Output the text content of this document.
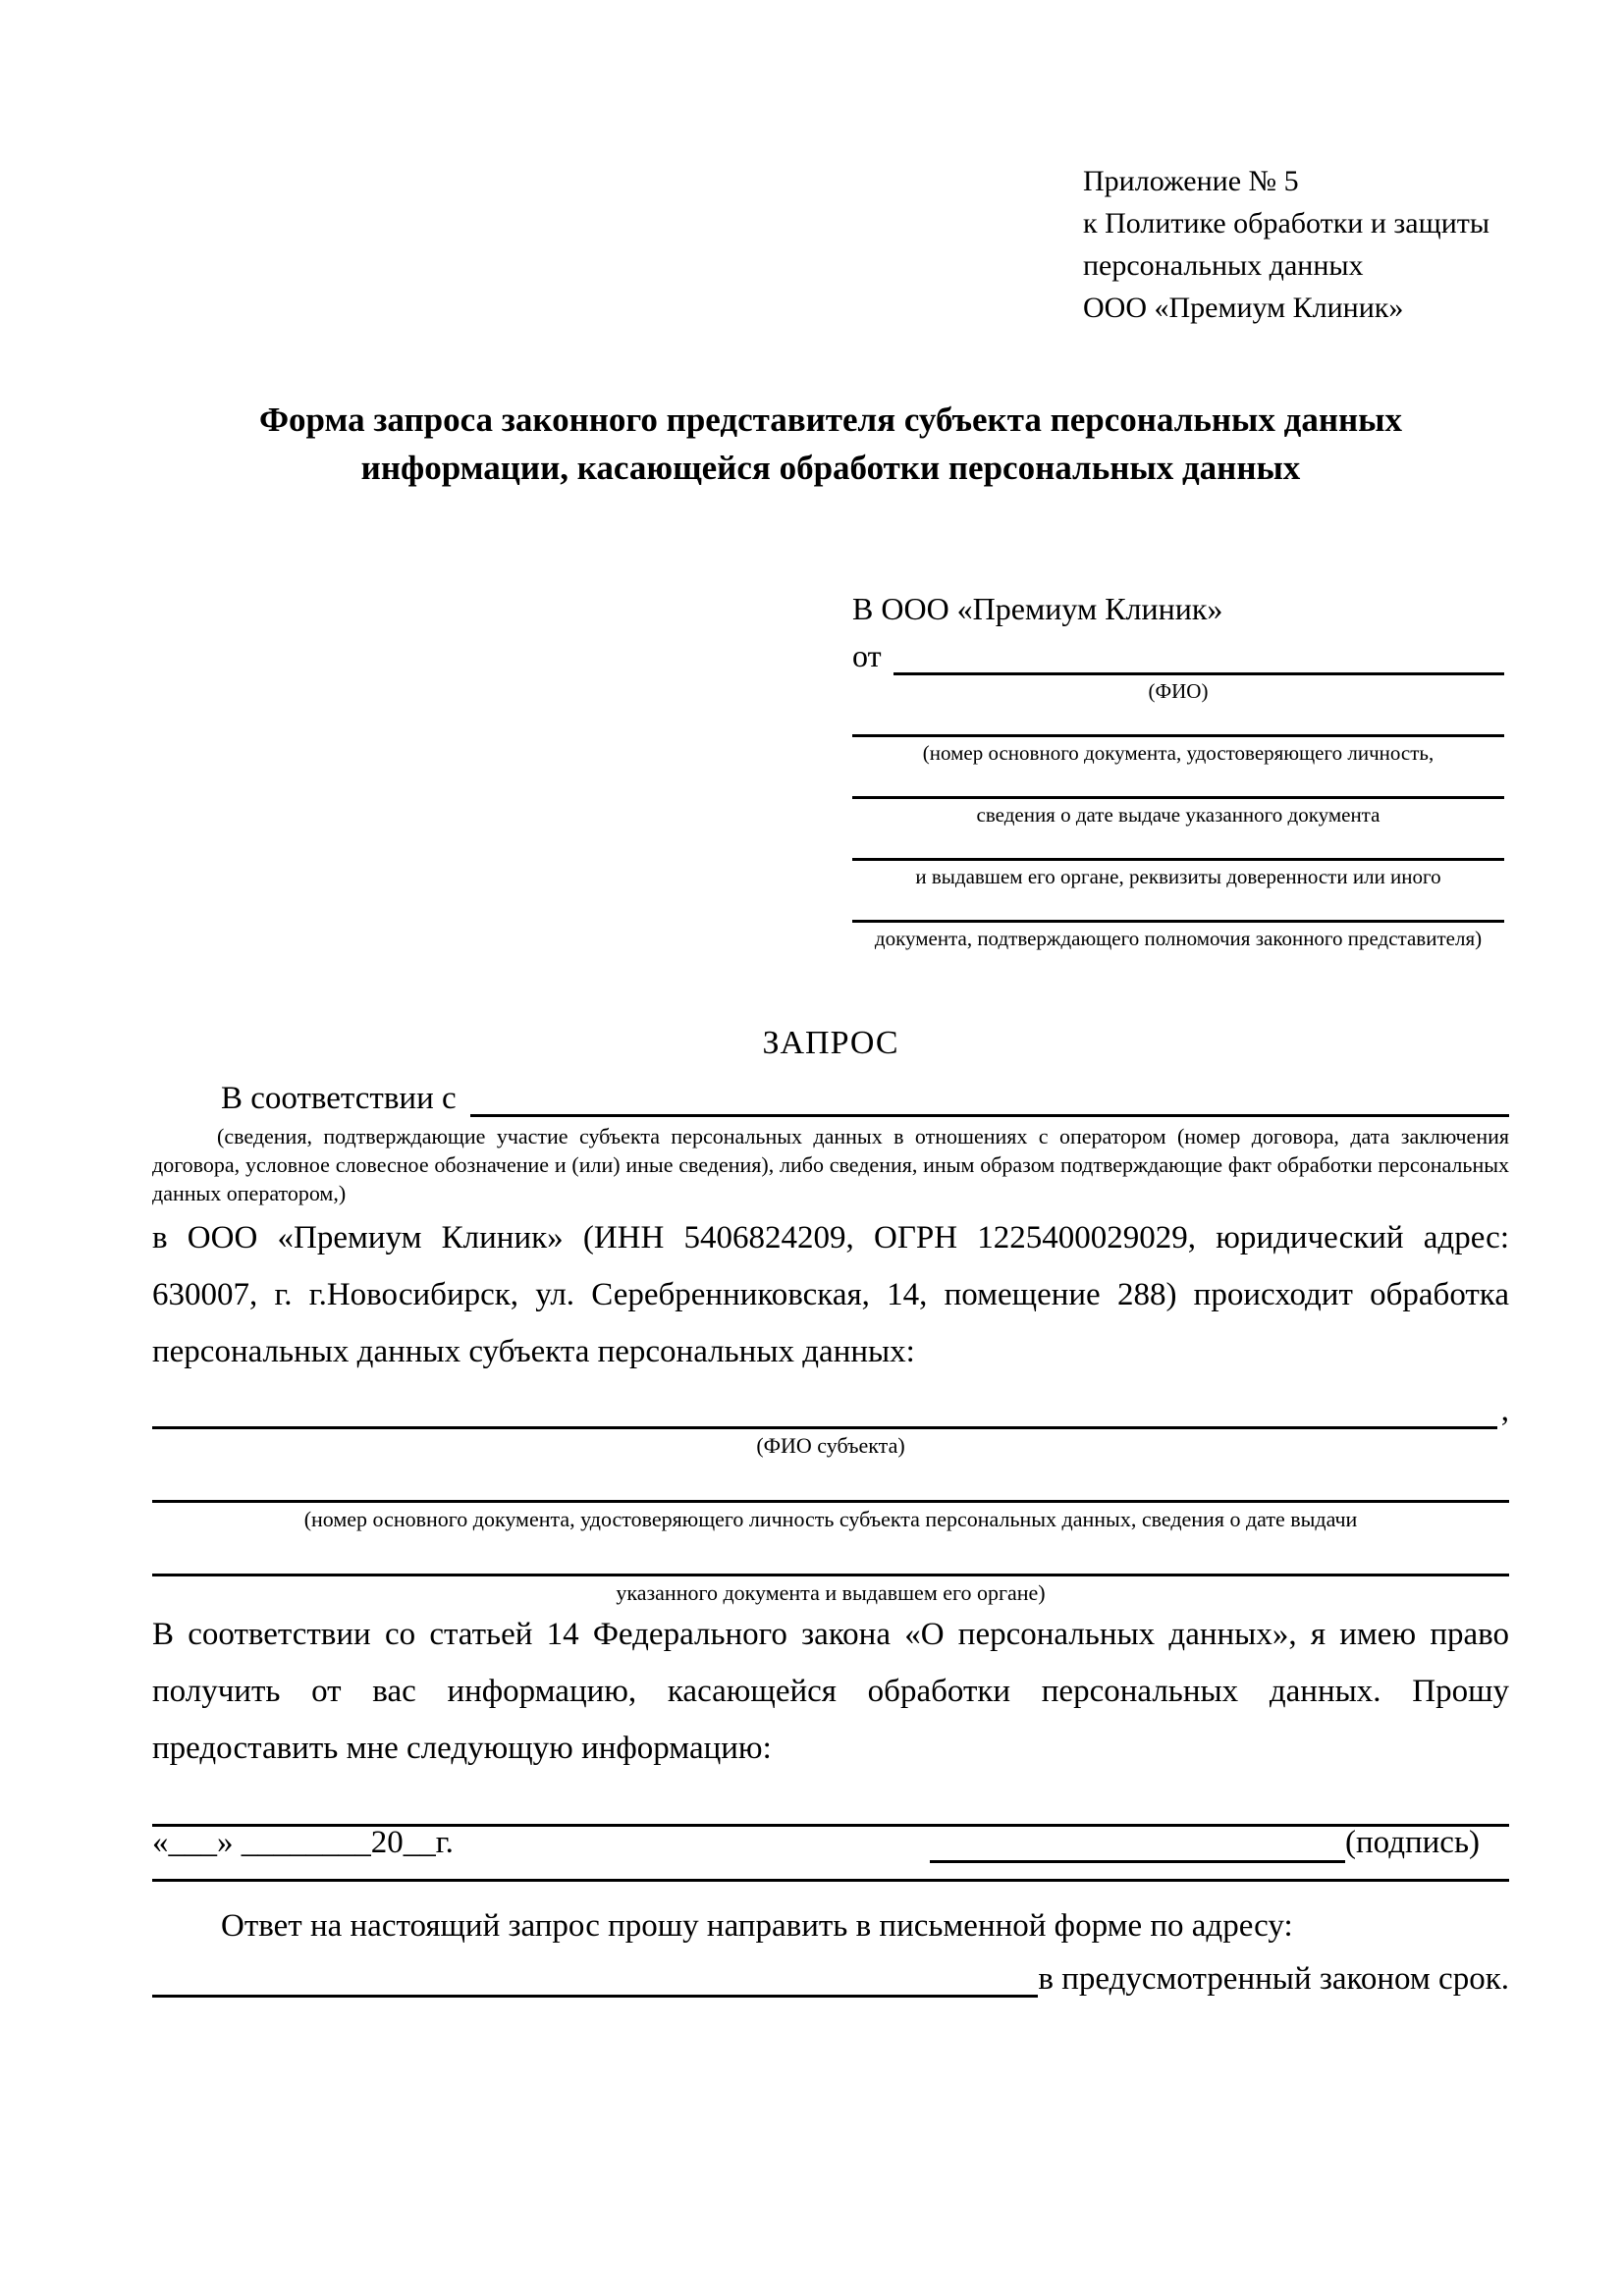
Приложение № 5
к Политике обработки и защиты
персональных данных
ООО «Премиум Клиник»
Форма запроса законного представителя субъекта персональных данных
информации, касающейся обработки персональных данных
В ООО «Премиум Клиник»
от
(ФИО)
(номер основного документа, удостоверяющего личность,
сведения о дате выдаче указанного документа
и выдавшем его органе, реквизиты доверенности или иного
документа, подтверждающего полномочия законного представителя)
ЗАПРОС
В соответствии с

(сведения, подтверждающие участие субъекта персональных данных в отношениях с оператором (номер договора, дата заключения договора, условное словесное обозначение и (или) иные сведения), либо сведения, иным образом подтверждающие факт обработки персональных данных оператором,)

в ООО «Премиум Клиник» (ИНН 5406824209, ОГРН 1225400029029, юридический адрес: 630007, г. г.Новосибирск, ул. Серебренниковская, 14, помещение 288) происходит обработка персональных данных субъекта персональных данных:

,
(ФИО субъекта)
(номер основного документа, удостоверяющего личность субъекта персональных данных, сведения о дате выдачи
указанного документа и выдавшем его органе)

В соответствии со статьей 14 Федерального закона «О персональных данных», я имею право получить от вас информацию, касающейся обработки персональных данных. Прошу предоставить мне следующую информацию:

Ответ на настоящий запрос прошу направить в письменной форме по адресу:

в предусмотренный законом срок.
«___» ________20__г.	(подпись)
